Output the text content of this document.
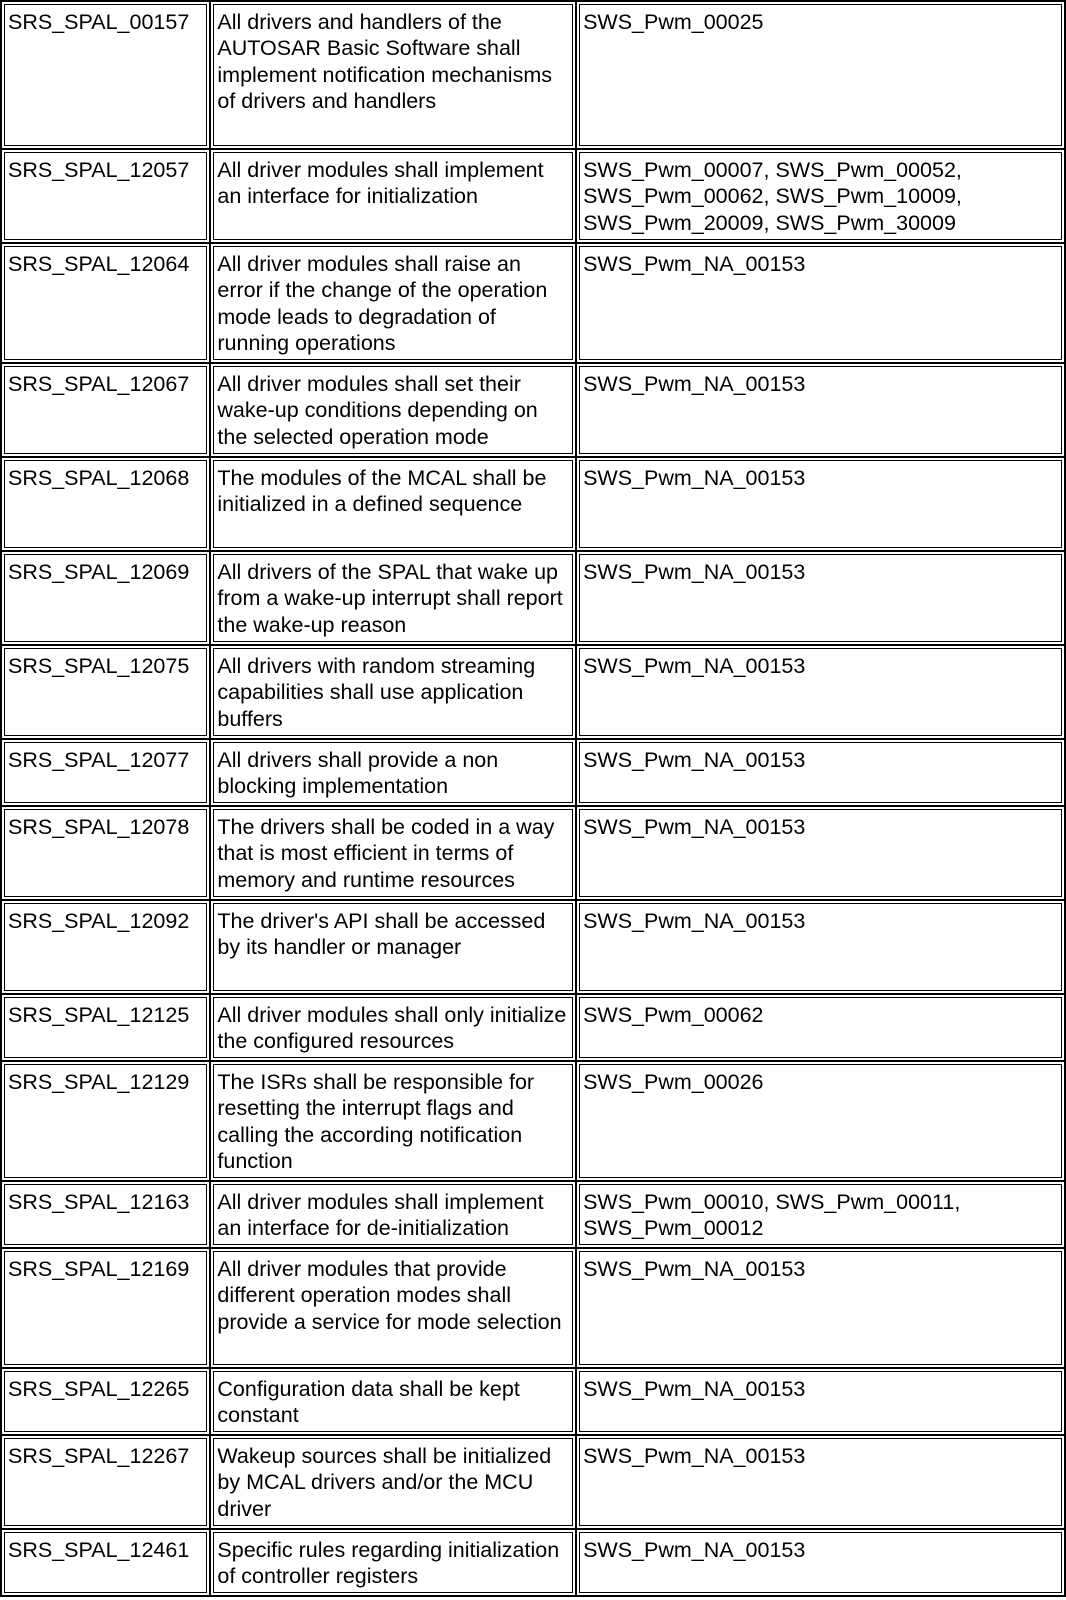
SRS_SPAL_00157	All drivers and handlers of the AUTOSAR Basic Software shall implement notification mechanisms of drivers and handlers	SWS_Pwm_00025
SRS_SPAL_12057	All driver modules shall implement an interface for initialization	SWS_Pwm_00007, SWS_Pwm_00052, SWS_Pwm_00062, SWS_Pwm_10009, SWS_Pwm_20009, SWS_Pwm_30009
SRS_SPAL_12064	All driver modules shall raise an error if the change of the operation mode leads to degradation of running operations	SWS_Pwm_NA_00153
SRS_SPAL_12067	All driver modules shall set their wake-up conditions depending on the selected operation mode	SWS_Pwm_NA_00153
SRS_SPAL_12068	The modules of the MCAL shall be initialized in a defined sequence	SWS_Pwm_NA_00153
SRS_SPAL_12069	All drivers of the SPAL that wake up from a wake-up interrupt shall report the wake-up reason	SWS_Pwm_NA_00153
SRS_SPAL_12075	All drivers with random streaming capabilities shall use application buffers	SWS_Pwm_NA_00153
SRS_SPAL_12077	All drivers shall provide a non blocking implementation	SWS_Pwm_NA_00153
SRS_SPAL_12078	The drivers shall be coded in a way that is most efficient in terms of memory and runtime resources	SWS_Pwm_NA_00153
SRS_SPAL_12092	The driver's API shall be accessed by its handler or manager	SWS_Pwm_NA_00153
SRS_SPAL_12125	All driver modules shall only initialize the configured resources	SWS_Pwm_00062
SRS_SPAL_12129	The ISRs shall be responsible for resetting the interrupt flags and calling the according notification function	SWS_Pwm_00026
SRS_SPAL_12163	All driver modules shall implement an interface for de-initialization	SWS_Pwm_00010, SWS_Pwm_00011, SWS_Pwm_00012
SRS_SPAL_12169	All driver modules that provide different operation modes shall provide a service for mode selection	SWS_Pwm_NA_00153
SRS_SPAL_12265	Configuration data shall be kept constant	SWS_Pwm_NA_00153
SRS_SPAL_12267	Wakeup sources shall be initialized by MCAL drivers and/or the MCU driver	SWS_Pwm_NA_00153
SRS_SPAL_12461	Specific rules regarding initialization of controller registers	SWS_Pwm_NA_00153
